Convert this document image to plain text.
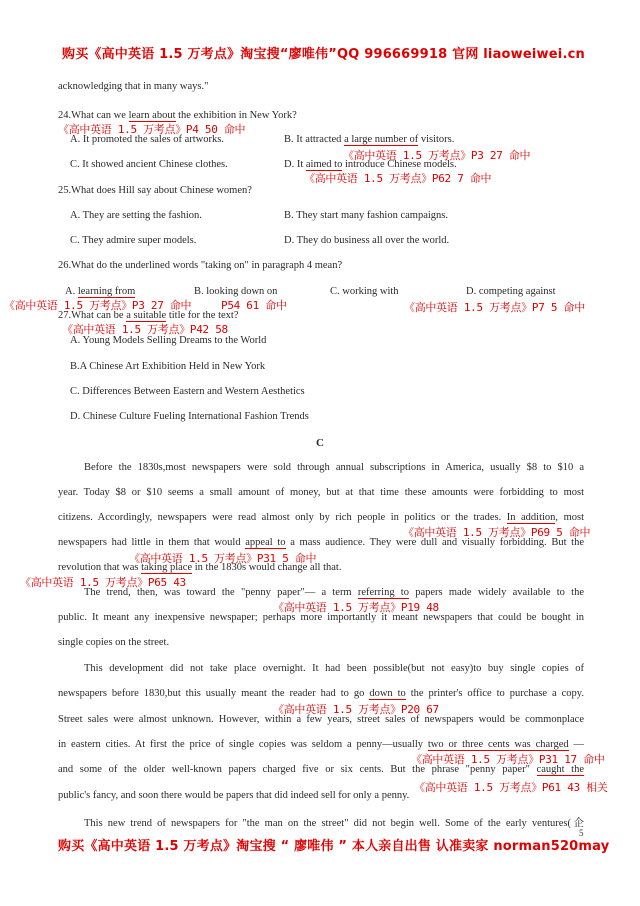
购买《高中英语 1.5 万考点》淘宝搜“廖唯伟”QQ 996669918 官网 liaoweiwei.cn
acknowledging that in many ways."
24.What can we learn about the exhibition in New York?
《高中英语 1.5 万考点》P4 50 命中
A. It promoted the sales of artworks.	B. It attracted a large number of visitors.
《高中英语 1.5 万考点》P3 27 命中
C. It showed ancient Chinese clothes.	D. It aimed to introduce Chinese models.
《高中英语 1.5 万考点》P62 7 命中
25.What does Hill say about Chinese women?
A. They are setting the fashion.	B. They start many fashion campaigns.
C. They admire super models.	D. They do business all over the world.
26.What do the underlined words "taking on" in paragraph 4 mean?
A. learning from	B. looking down on	C. working with	D. competing against
《高中英语 1.5 万考点》P3 27 命中	P54 61 命中	《高中英语 1.5 万考点》P7 5 命中
27.What can be a suitable title for the text?
《高中英语 1.5 万考点》P42 58
A. Young Models Selling Dreams to the World
B.A Chinese Art Exhibition Held in New York
C. Differences Between Eastern and Western Aesthetics
D. Chinese Culture Fueling International Fashion Trends
C
Before the 1830s,most newspapers were sold through annual subscriptions in America, usually $8 to $10 a
year. Today $8 or $10 seems a small amount of money, but at that time these amounts were forbidding to most
citizens. Accordingly, newspapers were read almost only by rich people in politics or the trades. In addition, most
《高中英语 1.5 万考点》P69 5 命中
newspapers had little in them that would appeal to a mass audience. They were dull and visually forbidding. But the
《高中英语 1.5 万考点》P31 5 命中
revolution that was taking place in the 1830s would change all that.
《高中英语 1.5 万考点》P65 43
The trend, then, was toward the "penny paper"— a term referring to papers made widely available to the
《高中英语 1.5 万考点》P19 48
public. It meant any inexpensive newspaper; perhaps more importantly it meant newspapers that could be bought in
single copies on the street.
This development did not take place overnight. It had been possible(but not easy)to buy single copies of
newspapers before 1830,but this usually meant the reader had to go down to the printer's office to purchase a copy.
《高中英语 1.5 万考点》P20 67
Street sales were almost unknown. However, within a few years, street sales of newspapers would be commonplace
in eastern cities. At first the price of single copies was seldom a penny—usually two or three cents was charged —
《高中英语 1.5 万考点》P31 17 命中
and some of the older well-known papers charged five or six cents. But the phrase "penny paper" caught the
《高中英语 1.5 万考点》P61 43 相关
public's fancy, and soon there would be papers that did indeed sell for only a penny.
This new trend of newspapers for "the man on the street" did not begin well. Some of the early ventures(企
购买《高中英语 1.5 万考点》淘宝搜 “ 廖唯伟 ” 本人亲自出售 认准卖家 norman520may
5
